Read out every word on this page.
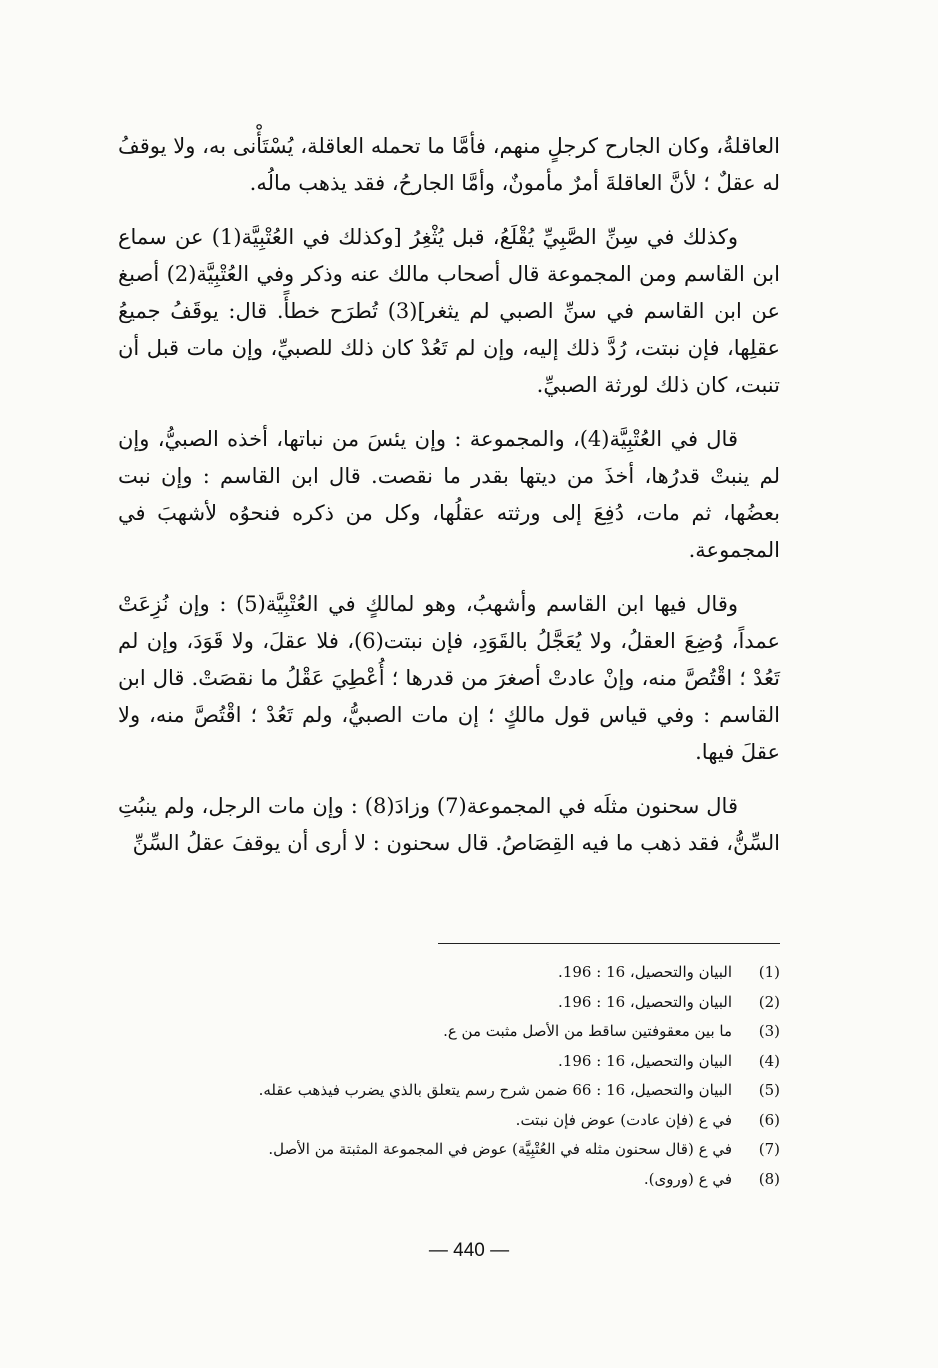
العاقلةُ، وكان الجارح كرجلٍ منهم، فأمَّا ما تحمله العاقلة، يُسْتَأْنى به، ولا يوقفُ له عقلٌ ؛ لأنَّ العاقلةَ أمرٌ مأمونٌ، وأمَّا الجارحُ، فقد يذهب مالُه.

وكذلك في سِنِّ الصَّبِيِّ يُقْلَعُ، قبل يُثْغِرُ [وكذلك في العُتْبِيَّة(1) عن سماع ابن القاسم ومن المجموعة قال أصحاب مالك عنه وذكر وفي العُتْبِيَّة(2) أصبغ عن ابن القاسم في سنِّ الصبي لم يثغر](3) تُطرَح خطأً. قال: يوقَفُ جميعُ عقلِها، فإن نبتت، رُدَّ ذلك إليه، وإن لم تَعُدْ كان ذلك للصبيِّ، وإن مات قبل أن تنبت، كان ذلك لورثة الصبيِّ.

قال في العُتْبِيَّة(4)، والمجموعة : وإن يئسَ من نباتها، أخذه الصبيُّ، وإن لم ينبتْ قدرُها، أخذَ من ديتها بقدر ما نقصت. قال ابن القاسم : وإن نبت بعضُها، ثم مات، دُفِعَ إلى ورثته عقلُها، وكل من ذكره فنحوُه لأشهبَ في المجموعة.

وقال فيها ابن القاسم وأشهبُ، وهو لمالكٍ في العُتْبِيَّة(5) : وإن نُزِعَتْ عمداً، وُضِعَ العقلُ، ولا يُعَجَّلُ بالقَوَدِ، فإن نبتت(6)، فلا عقلَ، ولا قَوَدَ، وإن لم تَعُدْ ؛ اقْتُصَّ منه، وإنْ عادتْ أصغرَ من قدرها ؛ أُعْطِيَ عَقْلُ ما نقصَتْ. قال ابن القاسم : وفي قياس قول مالكٍ ؛ إن مات الصبيُّ، ولم تَعُدْ ؛ اقْتُصَّ منه، ولا عقلَ فيها.

قال سحنون مثلَه في المجموعة(7) وزادَ(8) : وإن مات الرجل، ولم ينبُتِ السِّنُّ، فقد ذهب ما فيه القِصَاصُ. قال سحنون : لا أرى أن يوقفَ عقلُ السِّنِّ

(1)
البيان والتحصيل، 16 : 196.
(2)
البيان والتحصيل، 16 : 196.
(3)
ما بين معقوفتين ساقط من الأصل مثبت من ع.
(4)
البيان والتحصيل، 16 : 196.
(5)
البيان والتحصيل، 16 : 66 ضمن شرح رسم يتعلق بالذي يضرب فيذهب عقله.
(6)
في ع (فإن عادت) عوض فإن نبتت.
(7)
في ع (قال سحنون مثله في العُتْبِيَّة) عوض في المجموعة المثبتة من الأصل.
(8)
في ع (وروى).
— 440 —
